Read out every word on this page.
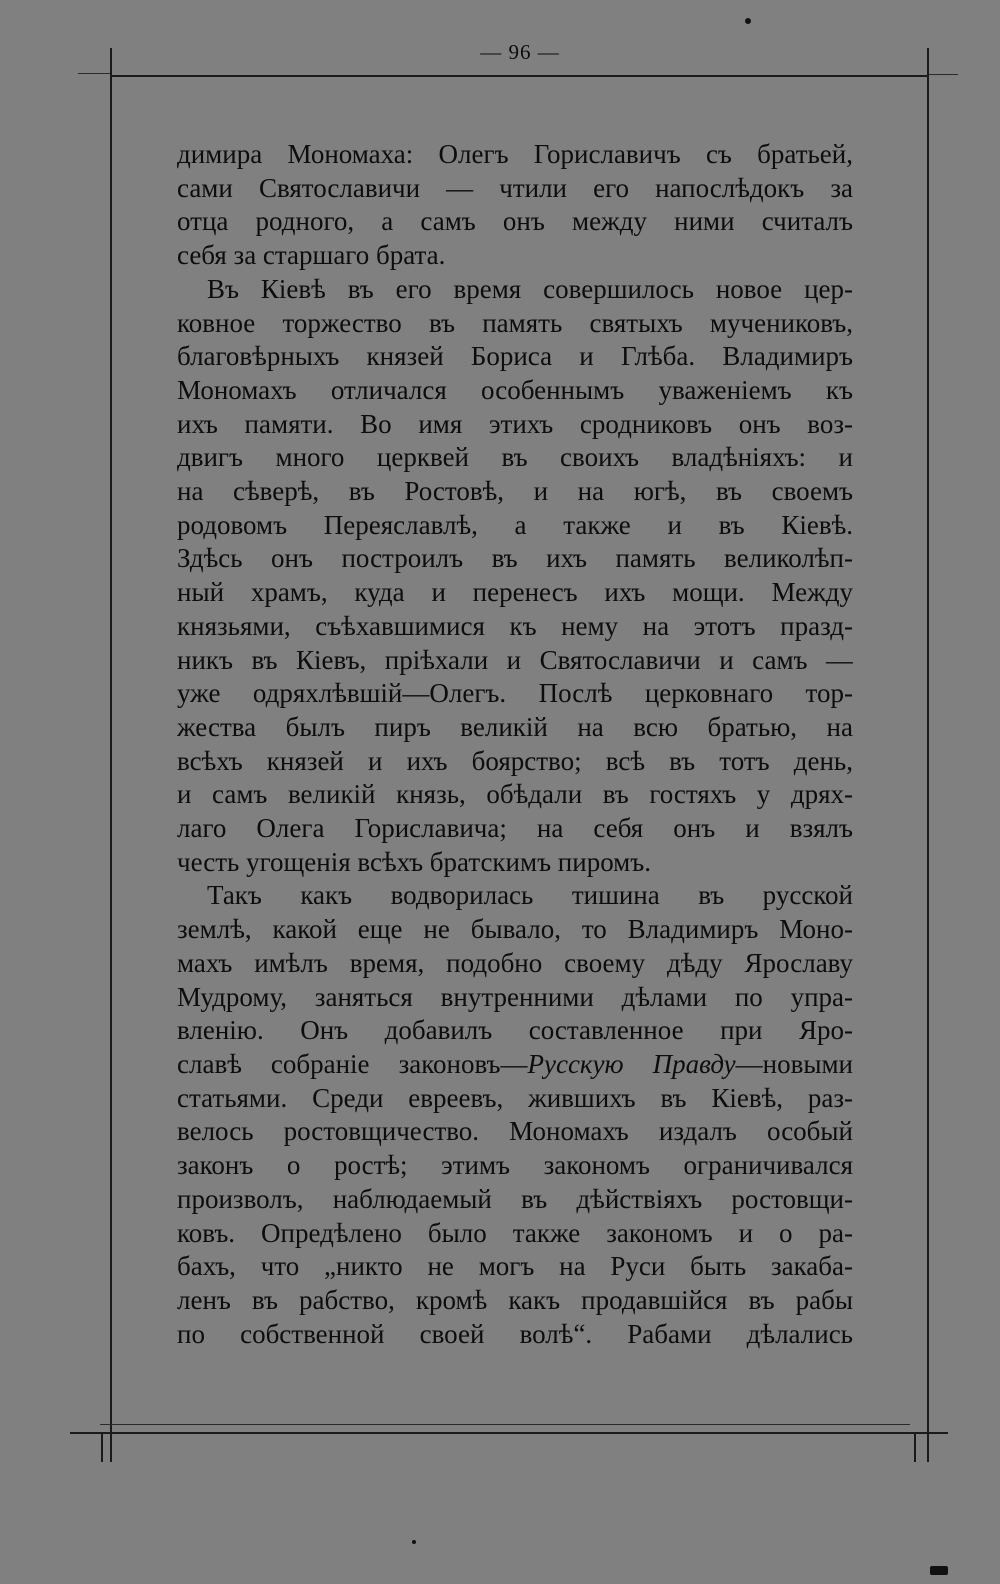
— 96 —
димира Мономаха: Олегъ Гориславичъ съ братьей,
сами Святославичи — чтили его напослѣдокъ за
отца родного, а самъ онъ между ними считалъ
себя за старшаго брата.
Въ Кіевѣ въ его время совершилось новое цер-
ковное торжество въ память святыхъ мучениковъ,
благовѣрныхъ князей Бориса и Глѣба. Владимиръ
Мономахъ отличался особеннымъ уваженіемъ къ
ихъ памяти. Во имя этихъ сродниковъ онъ воз-
двигъ много церквей въ своихъ владѣніяхъ: и
на сѣверѣ, въ Ростовѣ, и на югѣ, въ своемъ
родовомъ Переяславлѣ, а также и въ Кіевѣ.
Здѣсь онъ построилъ въ ихъ память великолѣп-
ный храмъ, куда и перенесъ ихъ мощи. Между
князьями, съѣхавшимися къ нему на этотъ празд-
никъ въ Кіевъ, пріѣхали и Святославичи и самъ —
уже одряхлѣвшій—Олегъ. Послѣ церковнаго тор-
жества былъ пиръ великій на всю братью, на
всѣхъ князей и ихъ боярство; всѣ въ тотъ день,
и самъ великій князь, обѣдали въ гостяхъ у дрях-
лаго Олега Гориславича; на себя онъ и взялъ
честь угощенія всѣхъ братскимъ пиромъ.
Такъ какъ водворилась тишина въ русской
землѣ, какой еще не бывало, то Владимиръ Моно-
махъ имѣлъ время, подобно своему дѣду Ярославу
Мудрому, заняться внутренними дѣлами по упра-
вленію. Онъ добавилъ составленное при Яро-
славѣ собраніе законовъ—Русскую Правду—новыми
статьями. Среди евреевъ, жившихъ въ Кіевѣ, раз-
велось ростовщичество. Мономахъ издалъ особый
законъ о ростѣ; этимъ закономъ ограничивался
произволъ, наблюдаемый въ дѣйствіяхъ ростовщи-
ковъ. Опредѣлено было также закономъ и о ра-
бахъ, что „никто не могъ на Руси быть закаба-
ленъ въ рабство, кромѣ какъ продавшійся въ рабы
по собственной своей волѣ“. Рабами дѣлались
